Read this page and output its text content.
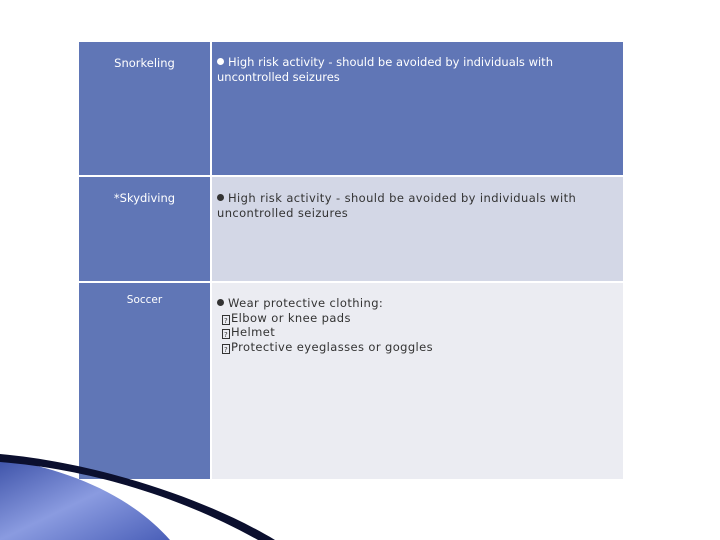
Snorkeling	High risk activity - should be avoided by individuals with uncontrolled seizures

*Skydiving	High risk activity - should be avoided by individuals with uncontrolled seizures

Soccer	Wear protective clothing:
? Elbow or knee pads
? Helmet
? Protective eyeglasses or goggles
